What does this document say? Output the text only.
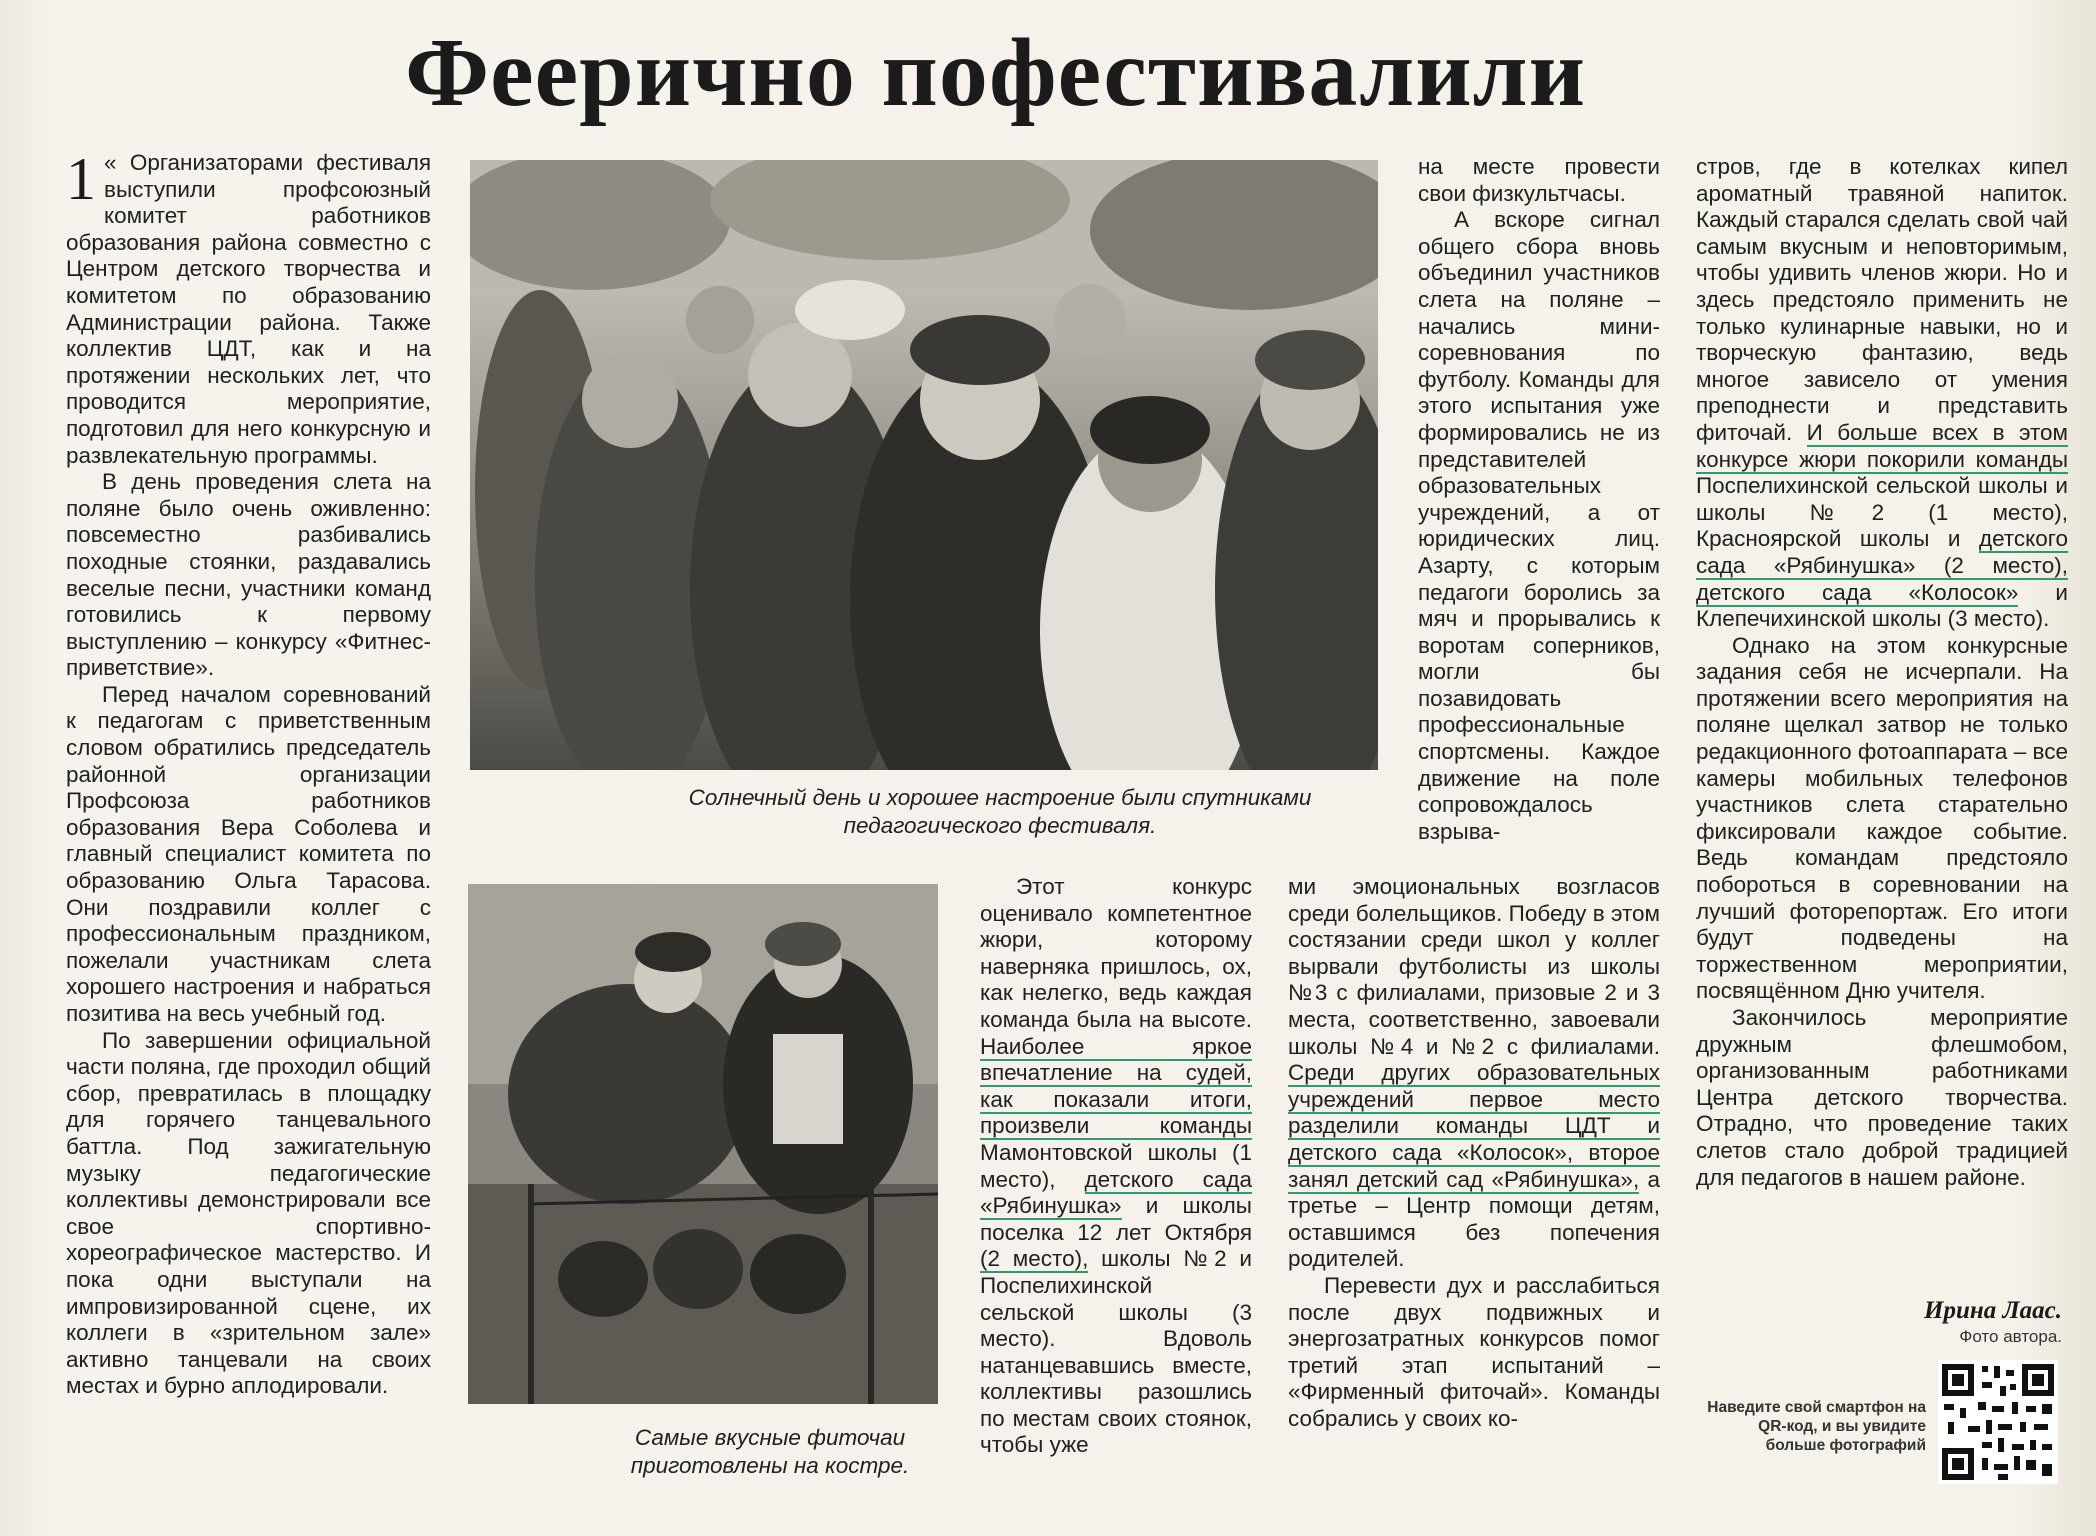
Феерично пофестивалили

1 « Организаторами фестиваля выступили профсоюзный комитет работников образования района совместно с Центром детского творчества и комитетом по образованию Администрации района. Также коллектив ЦДТ, как и на протяжении нескольких лет, что проводится мероприятие, подготовил для него конкурсную и развлекательную программы.

В день проведения слета на поляне было очень оживленно: повсеместно разбивались походные стоянки, раздавались веселые песни, участники команд готовились к первому выступлению – конкурсу «Фитнес-приветствие».

Перед началом соревнований к педагогам с приветственным словом обратились председатель районной организации Профсоюза работников образования Вера Соболева и главный специалист комитета по образованию Ольга Тарасова. Они поздравили коллег с профессиональным праздником, пожелали участникам слета хорошего настроения и набраться позитива на весь учебный год.

По завершении официальной части поляна, где проходил общий сбор, превратилась в площадку для горячего танцевального баттла. Под зажигательную музыку педагогические коллективы демонстрировали все свое спортивно-хореографическое мастерство. И пока одни выступали на импровизированной сцене, их коллеги в «зрительном зале» активно танцевали на своих местах и бурно аплодировали.

Солнечный день и хорошее настроение были спутниками педагогического фестиваля.
Самые вкусные фиточаи приготовлены на костре.

Этот конкурс оценивало компетентное жюри, которому наверняка пришлось, ох, как нелегко, ведь каждая команда была на высоте. Наиболее яркое впечатление на судей, как показали итоги, произвели команды Мамонтовской школы (1 место), детского сада «Рябинушка» и школы поселка 12 лет Октября (2 место), школы №2 и Поспелихинской сельской школы (3 место). Вдоволь натанцевавшись вместе, коллективы разошлись по местам своих стоянок, чтобы уже

на месте провести свои физкультчасы.

А вскоре сигнал общего сбора вновь объединил участников слета на поляне – начались мини-соревнования по футболу. Команды для этого испытания уже формировались не из представителей образовательных учреждений, а от юридических лиц. Азарту, с которым педагоги боролись за мяч и прорывались к воротам соперников, могли бы позавидовать профессиональные спортсмены. Каждое движение на поле сопровождалось взрыва-

ми эмоциональных возгласов среди болельщиков. Победу в этом состязании среди школ у коллег вырвали футболисты из школы №3 с филиалами, призовые 2 и 3 места, соответственно, завоевали школы №4 и №2 с филиалами. Среди других образовательных учреждений первое место разделили команды ЦДТ и детского сада «Колосок», второе занял детский сад «Рябинушка», а третье – Центр помощи детям, оставшимся без попечения родителей.

Перевести дух и расслабиться после двух подвижных и энергозатратных конкурсов помог третий этап испытаний – «Фирменный фиточай». Команды собрались у своих ко-

стров, где в котелках кипел ароматный травяной напиток. Каждый старался сделать свой чай самым вкусным и неповторимым, чтобы удивить членов жюри. Но и здесь предстояло применить не только кулинарные навыки, но и творческую фантазию, ведь многое зависело от умения преподнести и представить фиточай. И больше всех в этом конкурсе жюри покорили команды Поспелихинской сельской школы и школы №2 (1 место), Красноярской школы и детского сада «Рябинушка» (2 место), детского сада «Колосок» и Клепечихинской школы (3 место).

Однако на этом конкурсные задания себя не исчерпали. На протяжении всего мероприятия на поляне щелкал затвор не только редакционного фотоаппарата – все камеры мобильных телефонов участников слета старательно фиксировали каждое событие. Ведь командам предстояло побороться в соревновании на лучший фоторепортаж. Его итоги будут подведены на торжественном мероприятии, посвящённом Дню учителя.

Закончилось мероприятие дружным флешмобом, организованным работниками Центра детского творчества. Отрадно, что проведение таких слетов стало доброй традицией для педагогов в нашем районе.

Ирина Лаас.
Фото автора.
Наведите свой смартфон на QR-код, и вы увидите больше фотографий
